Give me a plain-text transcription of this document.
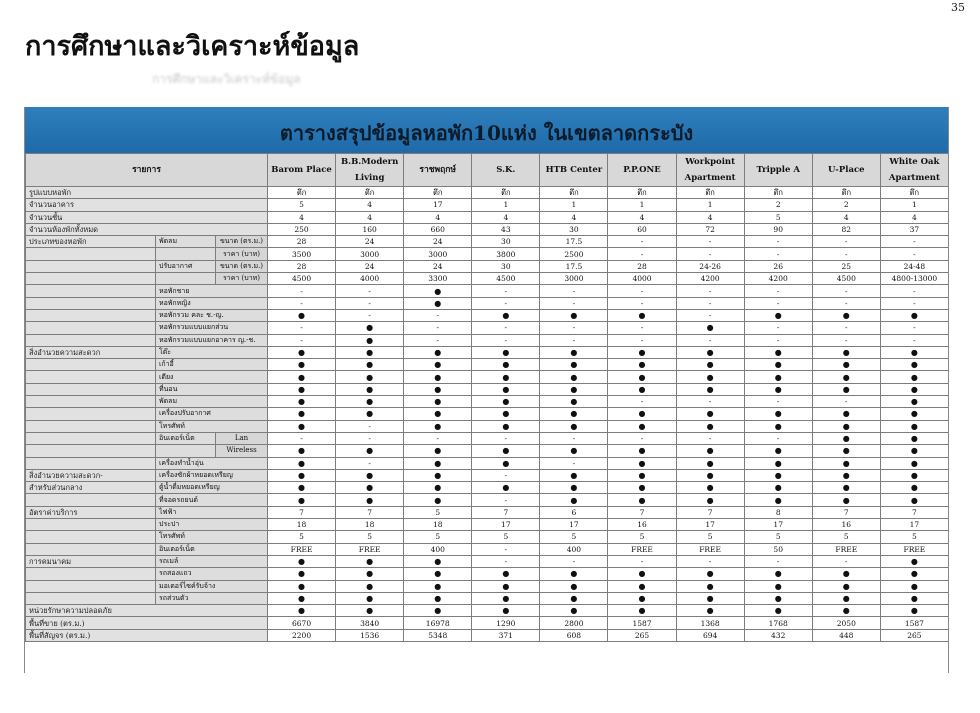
35
การศึกษาและวิเคราะห์ข้อมูล
การศึกษาและวิเคราะห์ข้อมูล
ตารางสรุปข้อมูลหอพัก10แห่ง ในเขตลาดกระบัง
รายการ			Barom Place	B.B.Modern Living	ราชพฤกษ์	S.K.	HTB Center	P.P.ONE	Workpoint Apartment	Tripple A	U-Place	White Oak Apartment
รูปแบบหอพัก			ตึก	ตึก	ตึก	ตึก	ตึก	ตึก	ตึก	ตึก	ตึก	ตึก
จำนวนอาคาร			5	4	17	1	1	1	1	2	2	1
จำนวนชั้น			4	4	4	4	4	4	4	5	4	4
จำนวนห้องพักทั้งหมด			250	160	660	43	30	60	72	90	82	37
ประเภทของหอพัก	พัดลม	ขนาด (ตร.ม.)	28	24	24	30	17.5	-	-	-	-	-
		ราคา (บาท)	3500	3000	3000	3800	2500	-	-	-	-	-
	ปรับอากาศ	ขนาด (ตร.ม.)	28	24	24	30	17.5	28	24-26	26	25	24-48
		ราคา (บาท)	4500	4000	3300	4500	3000	4000	4200	4200	4500	4800-13000
	หอพักชาย		-	-	●	-	-	-	-	-	-	-
	หอพักหญิง		-	-	●	-	-	-	-	-	-	-
	หอพักรวม คละ ช.-ญ.		●	-	-	●	●	●	-	●	●	●
	หอพักรวมแบบแยกส่วน		-	●	-	-	-	-	●	-	-	-
	หอพักรวมแบบแยกอาคาร ญ.-ช.		-	●	-	-	-	-	-	-	-	-
สิ่งอำนวยความสะดวก	โต๊ะ		●	●	●	●	●	●	●	●	●	●
	เก้าอี้		●	●	●	●	●	●	●	●	●	●
	เตียง		●	●	●	●	●	●	●	●	●	●
	ที่นอน		●	●	●	●	●	●	●	●	●	●
	พัดลม		●	●	●	●	●	-	-	-	-	●
	เครื่องปรับอากาศ		●	●	●	●	●	●	●	●	●	●
	โทรศัพท์		●	-	●	●	●	●	●	●	●	●
	อินเตอร์เน็ต	Lan	-	-	-	-	-	-	-	-	●	●
		Wireless	●	●	●	●	●	●	●	●	●	●
	เครื่องทำน้ำอุ่น		●	-	●	●	-	●	●	●	●	●
สิ่งอำนวยความสะดวก-	เครื่องซักผ้าหยอดเหรียญ		●	●	●	-	●	●	●	●	●	●
สำหรับส่วนกลาง	ตู้น้ำดื่มหยอดเหรียญ		●	●	●	●	●	●	●	●	●	●
	ที่จอดรถยนต์		●	●	●	-	●	●	●	●	●	●
อัตราค่าบริการ	ไฟฟ้า		7	7	5	7	6	7	7	8	7	7
	ประปา		18	18	18	17	17	16	17	17	16	17
	โทรศัพท์		5	5	5	5	5	5	5	5	5	5
	อินเตอร์เน็ต		FREE	FREE	400	-	400	FREE	FREE	50	FREE	FREE
การคมนาคม	รถเมล์		●	●	●	-	-	-	-	-	-	●
	รถสองแถว		●	●	●	●	●	●	●	●	●	●
	มอเตอร์ไซค์รับจ้าง		●	●	●	●	●	●	●	●	●	●
	รถส่วนตัว		●	●	●	●	●	●	●	●	●	●
หน่วยรักษาความปลอดภัย			●	●	●	●	●	●	●	●	●	●
พื้นที่ขาย (ตร.ม.)			6670	3840	16978	1290	2800	1587	1368	1768	2050	1587
พื้นที่สัญจร (ตร.ม.)			2200	1536	5348	371	608	265	694	432	448	265
